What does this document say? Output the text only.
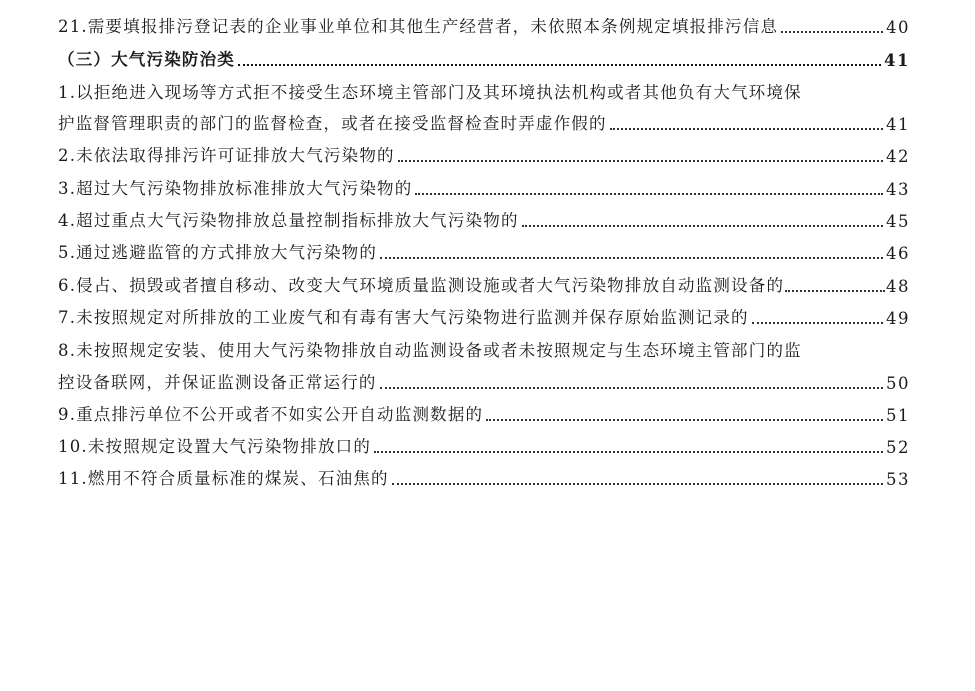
21.需要填报排污登记表的企业事业单位和其他生产经营者，未依照本条例规定填报排污信息	40
（三）大气污染防治类	41
1.以拒绝进入现场等方式拒不接受生态环境主管部门及其环境执法机构或者其他负有大气环境保
护监督管理职责的部门的监督检查，或者在接受监督检查时弄虚作假的	41
2.未依法取得排污许可证排放大气污染物的	42
3.超过大气污染物排放标准排放大气污染物的	43
4.超过重点大气污染物排放总量控制指标排放大气污染物的	45
5.通过逃避监管的方式排放大气污染物的	46
6.侵占、损毁或者擅自移动、改变大气环境质量监测设施或者大气污染物排放自动监测设备的	48
7.未按照规定对所排放的工业废气和有毒有害大气污染物进行监测并保存原始监测记录的	49
8.未按照规定安装、使用大气污染物排放自动监测设备或者未按照规定与生态环境主管部门的监
控设备联网，并保证监测设备正常运行的	50
9.重点排污单位不公开或者不如实公开自动监测数据的	51
10.未按照规定设置大气污染物排放口的	52
11.燃用不符合质量标准的煤炭、石油焦的	53
